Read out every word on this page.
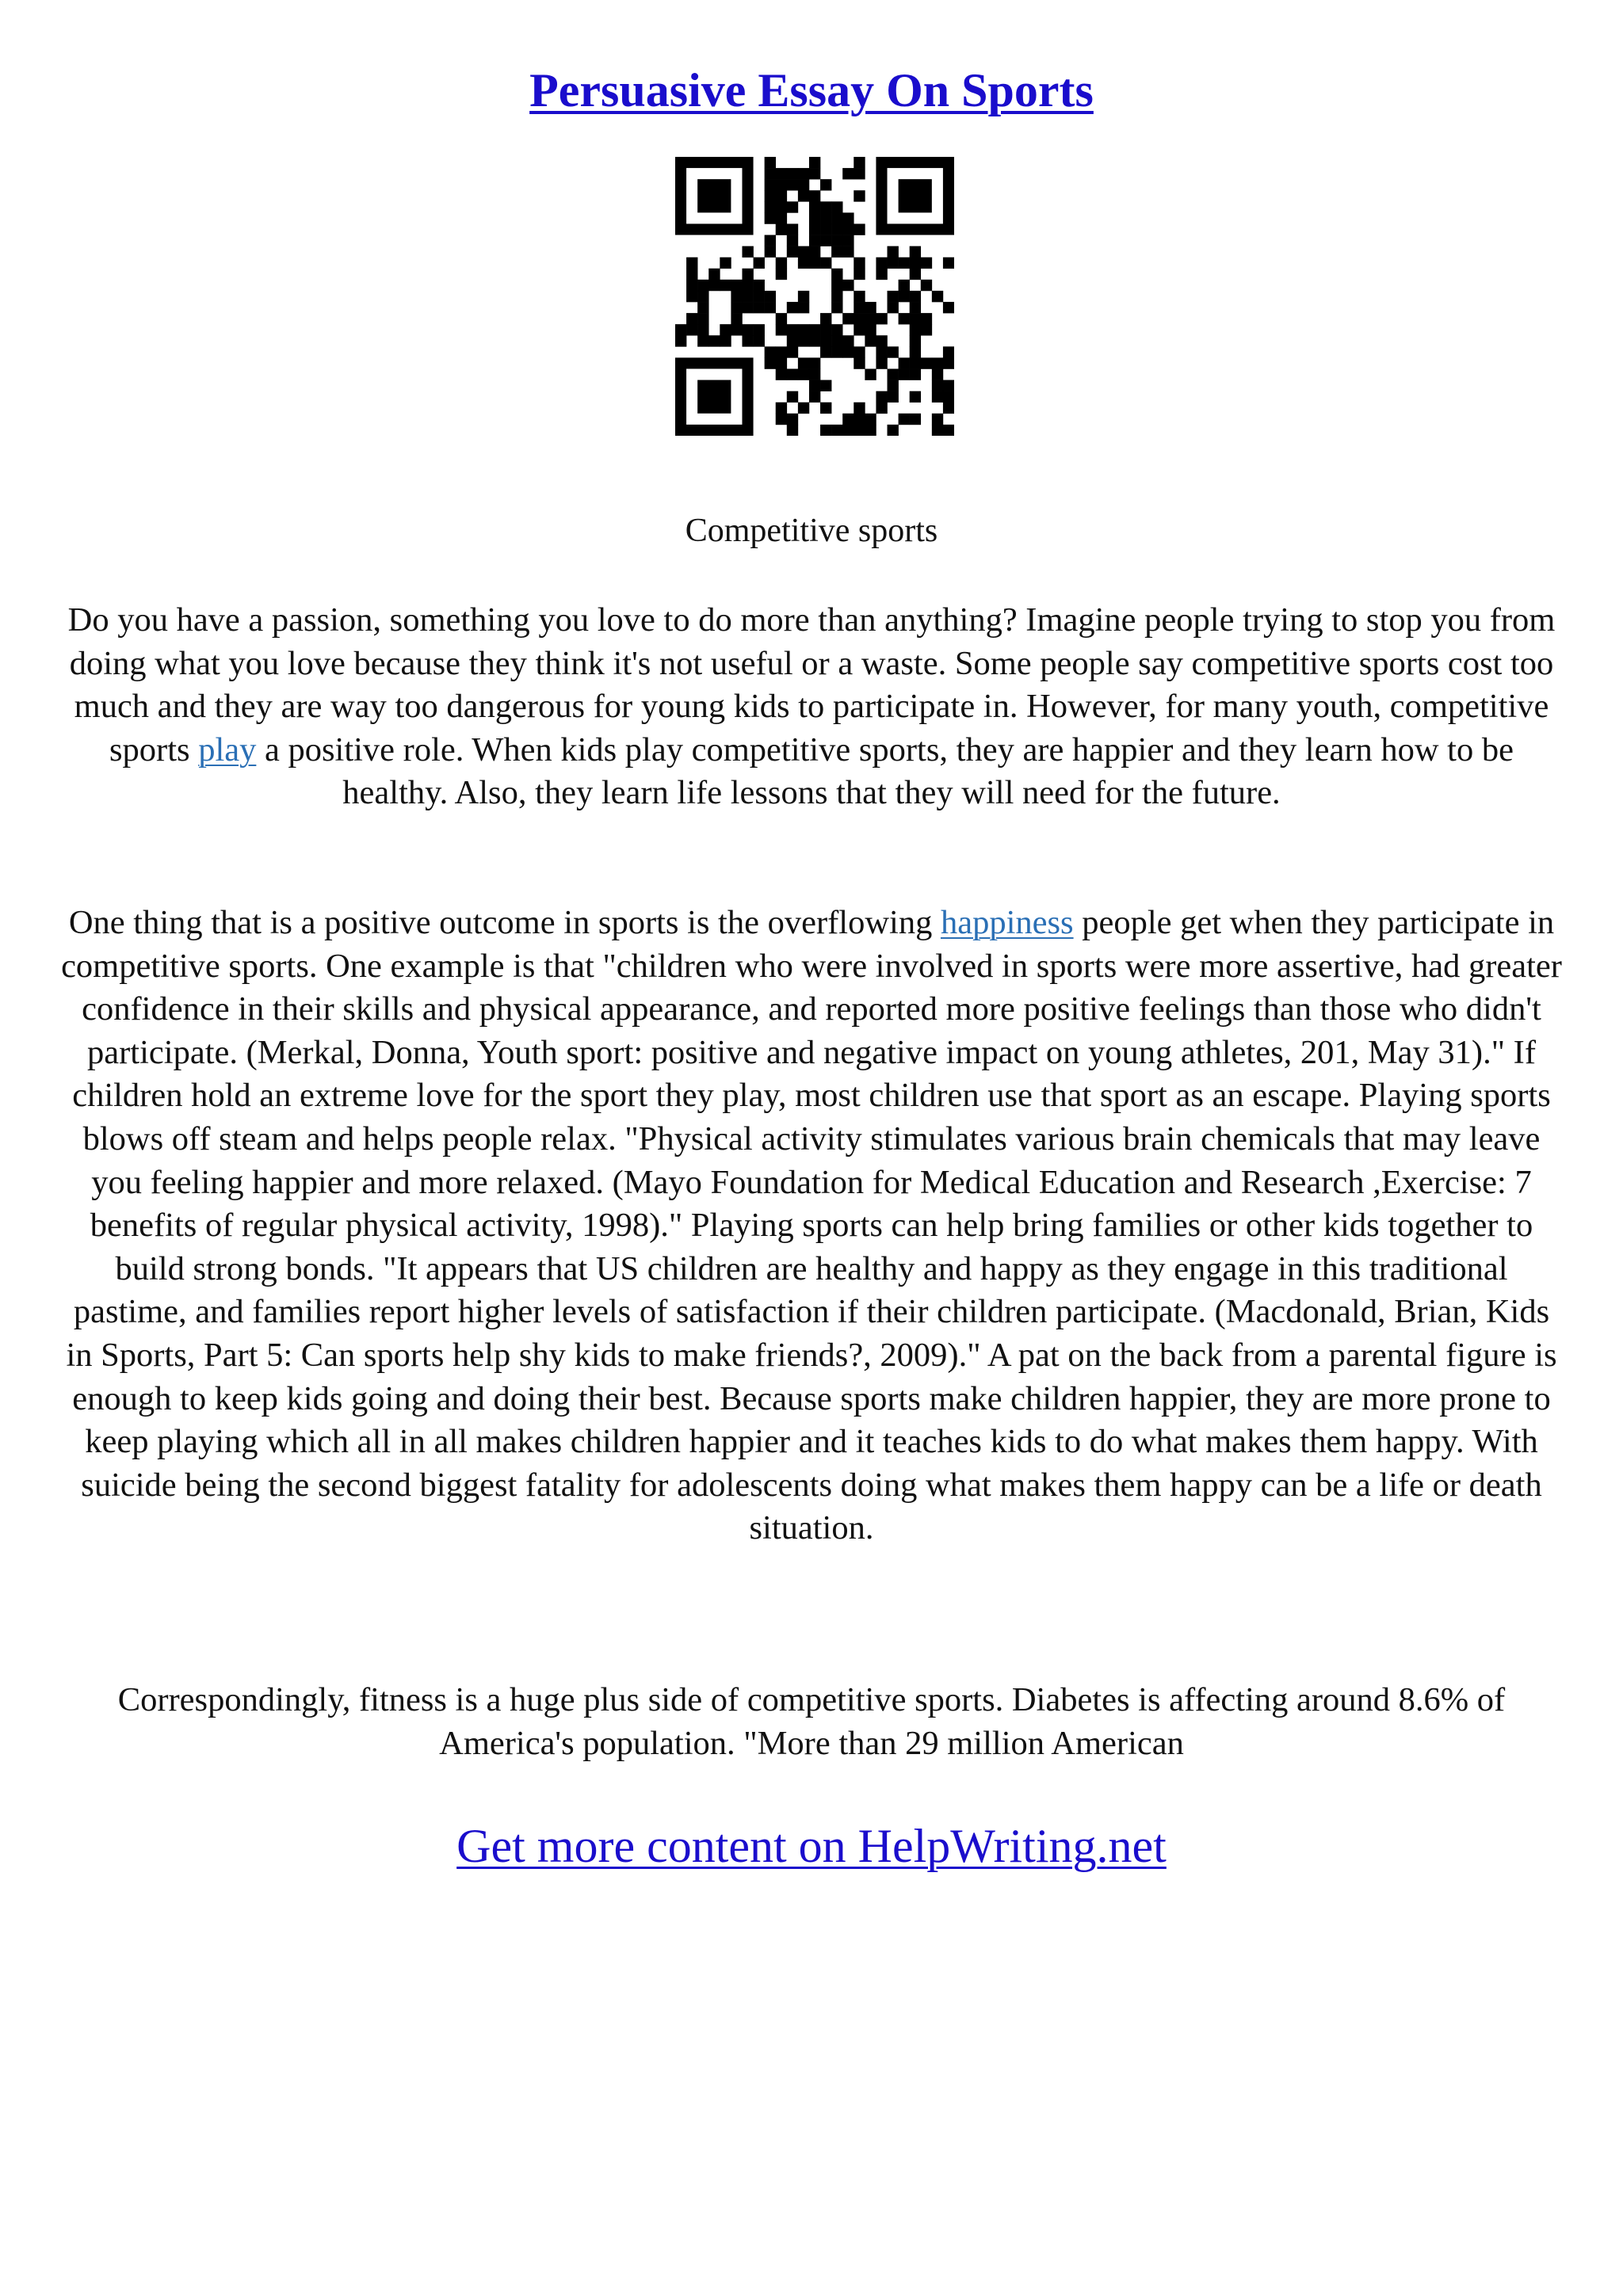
Persuasive Essay On Sports
Competitive sports

Do you have a passion, something you love to do more than anything? Imagine people trying to stop you from doing what you love because they think it's not useful or a waste. Some people say competitive sports cost too much and they are way too dangerous for young kids to participate in. However, for many youth, competitive sports play a positive role. When kids play competitive sports, they are happier and they learn how to be healthy. Also, they learn life lessons that they will need for the future.

One thing that is a positive outcome in sports is the overflowing happiness people get when they participate in competitive sports. One example is that "children who were involved in sports were more assertive, had greater confidence in their skills and physical appearance, and reported more positive feelings than those who didn't participate. (Merkal, Donna, Youth sport: positive and negative impact on young athletes, 201, May 31)." If children hold an extreme love for the sport they play, most children use that sport as an escape. Playing sports blows off steam and helps people relax. "Physical activity stimulates various brain chemicals that may leave you feeling happier and more relaxed. (Mayo Foundation for Medical Education and Research ,Exercise: 7 benefits of regular physical activity, 1998)." Playing sports can help bring families or other kids together to build strong bonds. "It appears that US children are healthy and happy as they engage in this traditional pastime, and families report higher levels of satisfaction if their children participate. (Macdonald, Brian, Kids in Sports, Part 5: Can sports help shy kids to make friends?, 2009)." A pat on the back from a parental figure is enough to keep kids going and doing their best. Because sports make children happier, they are more prone to keep playing which all in all makes children happier and it teaches kids to do what makes them happy. With suicide being the second biggest fatality for adolescents doing what makes them happy can be a life or death situation.

Correspondingly, fitness is a huge plus side of competitive sports. Diabetes is affecting around 8.6% of America's population. "More than 29 million American

Get more content on HelpWriting.net
